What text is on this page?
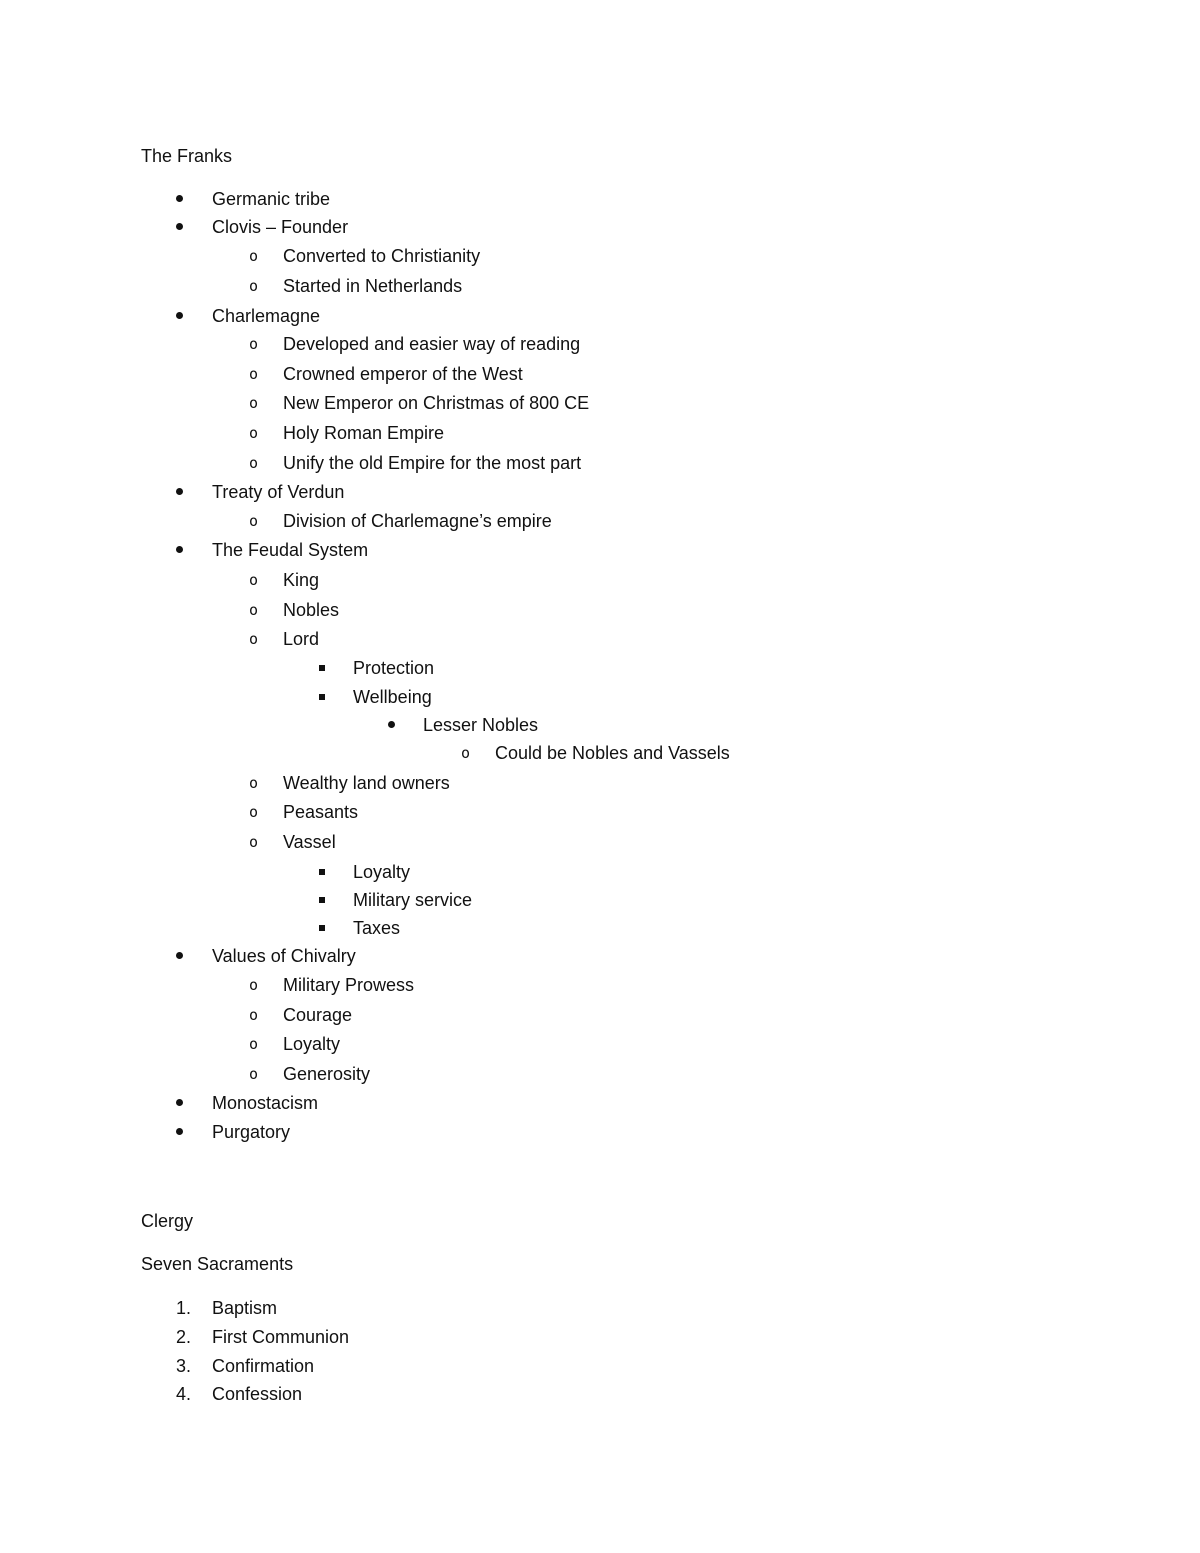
The Franks
Germanic tribe
Clovis – Founder
o Converted to Christianity
o Started in Netherlands
Charlemagne
o Developed and easier way of reading
o Crowned emperor of the West
o New Emperor on Christmas of 800 CE
o Holy Roman Empire
o Unify the old Empire for the most part
Treaty of Verdun
o Division of Charlemagne’s empire
The Feudal System
o King
o Nobles
o Lord
Protection
Wellbeing
Lesser Nobles
o Could be Nobles and Vassels
o Wealthy land owners
o Peasants
o Vassel
Loyalty
Military service
Taxes
Values of Chivalry
o Military Prowess
o Courage
o Loyalty
o Generosity
Monostacism
Purgatory
Clergy
Seven Sacraments
1. Baptism
2. First Communion
3. Confirmation
4. Confession
